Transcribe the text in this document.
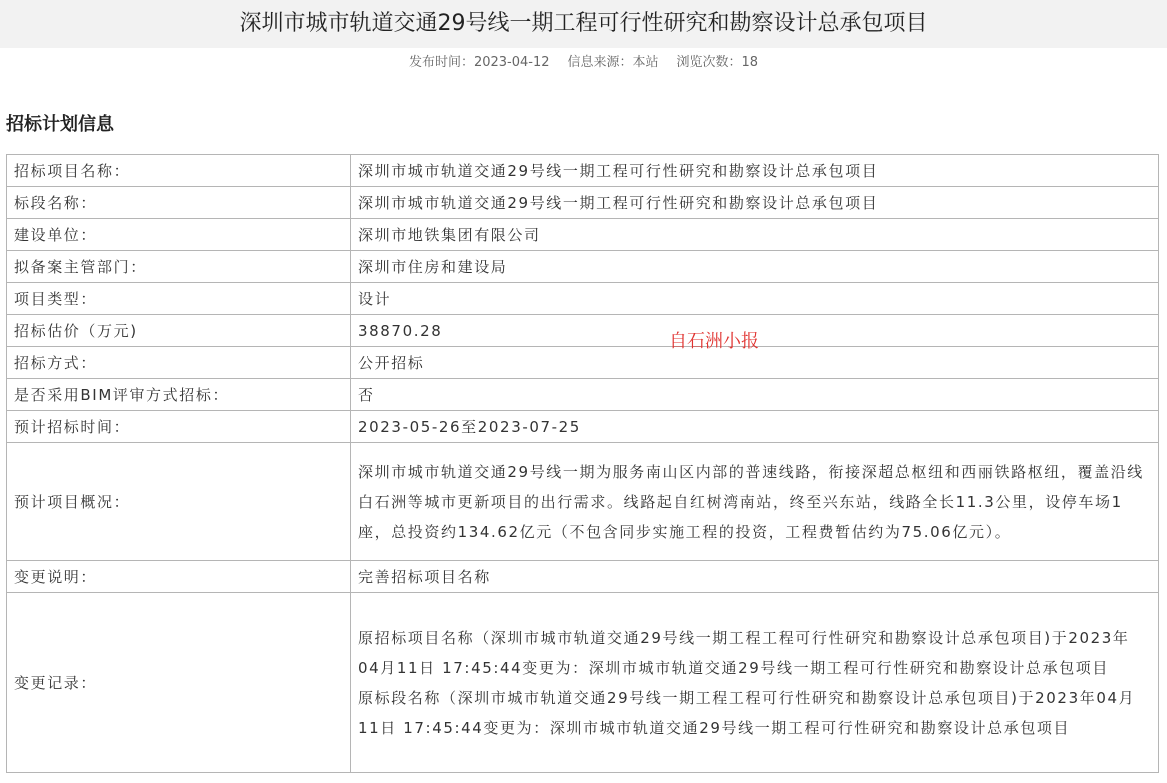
深圳市城市轨道交通29号线一期工程可行性研究和勘察设计总承包项目
发布时间：2023-04-12 信息来源：本站 浏览次数：18
招标计划信息
招标项目名称：	深圳市城市轨道交通29号线一期工程可行性研究和勘察设计总承包项目
标段名称：	深圳市城市轨道交通29号线一期工程可行性研究和勘察设计总承包项目
建设单位：	深圳市地铁集团有限公司
拟备案主管部门：	深圳市住房和建设局
项目类型：	设计
招标估价（万元)	38870.28
招标方式：	公开招标
是否采用BIM评审方式招标：	否
预计招标时间：	2023-05-26至2023-07-25
预计项目概况：	深圳市城市轨道交通29号线一期为服务南山区内部的普速线路，衔接深超总枢纽和西丽铁路枢纽，覆盖沿线白石洲等城市更新项目的出行需求。线路起自红树湾南站，终至兴东站，线路全长11.3公里，设停车场1座，总投资约134.62亿元（不包含同步实施工程的投资，工程费暂估约为75.06亿元）。
变更说明：	完善招标项目名称
变更记录：	原招标项目名称（深圳市城市轨道交通29号线一期工程工程可行性研究和勘察设计总承包项目)于2023年04月11日 17:45:44变更为：深圳市城市轨道交通29号线一期工程可行性研究和勘察设计总承包项目
原标段名称（深圳市城市轨道交通29号线一期工程工程可行性研究和勘察设计总承包项目)于2023年04月11日 17:45:44变更为：深圳市城市轨道交通29号线一期工程可行性研究和勘察设计总承包项目
自石洲小报
